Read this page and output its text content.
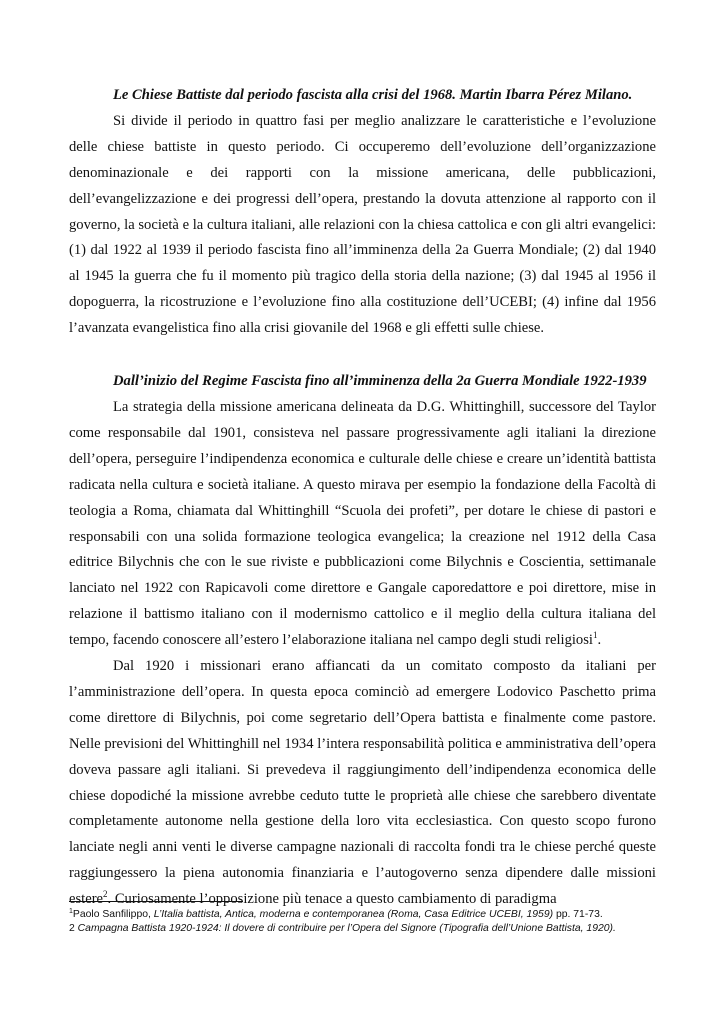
Le Chiese Battiste dal periodo fascista alla crisi del 1968. Martin Ibarra Pérez Milano.

Si divide il periodo in quattro fasi per meglio analizzare le caratteristiche e l’evoluzione delle chiese battiste in questo periodo. Ci occuperemo dell’evoluzione dell’organizzazione denominazionale e dei rapporti con la missione americana, delle pubblicazioni, dell’evangelizzazione e dei progressi dell’opera, prestando la dovuta attenzione al rapporto con il governo, la società e la cultura italiani, alle relazioni con la chiesa cattolica e con gli altri evangelici: (1) dal 1922 al 1939 il periodo fascista fino all’imminenza della 2a Guerra Mondiale; (2) dal 1940 al 1945 la guerra che fu il momento più tragico della storia della nazione; (3) dal 1945 al 1956 il dopoguerra, la ricostruzione e l’evoluzione fino alla costituzione dell’UCEBI; (4) infine dal 1956 l’avanzata evangelistica fino alla crisi giovanile del 1968 e gli effetti sulle chiese.

Dall’inizio del Regime Fascista fino all’imminenza della 2a Guerra Mondiale 1922-1939

La strategia della missione americana delineata da D.G. Whittinghill, successore del Taylor come responsabile dal 1901, consisteva nel passare progressivamente agli italiani la direzione dell’opera, perseguire l’indipendenza economica e culturale delle chiese e creare un’identità battista radicata nella cultura e società italiane. A questo mirava per esempio la fondazione della Facoltà di teologia a Roma, chiamata dal Whittinghill “Scuola dei profeti”, per dotare le chiese di pastori e responsabili con una solida formazione teologica evangelica; la creazione nel 1912 della Casa editrice Bilychnis che con le sue riviste e pubblicazioni come Bilychnis e Coscientia, settimanale lanciato nel 1922 con Rapicavoli come direttore e Gangale caporedattore e poi direttore, mise in relazione il battismo italiano con il modernismo cattolico e il meglio della cultura italiana del tempo, facendo conoscere all’estero l’elaborazione italiana nel campo degli studi religiosi$^1$.

Dal 1920 i missionari erano affiancati da un comitato composto da italiani per l’amministrazione dell’opera. In questa epoca cominciò ad emergere Lodovico Paschetto prima come direttore di Bilychnis, poi come segretario dell’Opera battista e finalmente come pastore. Nelle previsioni del Whittinghill nel 1934 l’intera responsabilità politica e amministrativa dell’opera doveva passare agli italiani. Si prevedeva il raggiungimento dell’indipendenza economica delle chiese dopodiché la missione avrebbe ceduto tutte le proprietà alle chiese che sarebbero diventate completamente autonome nella gestione della loro vita ecclesiastica. Con questo scopo furono lanciate negli anni venti le diverse campagne nazionali di raccolta fondi tra le chiese perché queste raggiungessero la piena autonomia finanziaria e l’autogoverno senza dipendere dalle missioni estere$^2$. Curiosamente l’opposizione più tenace a questo cambiamento di paradigma

$^1$Paolo Sanfilippo, L’Italia battista, Antica, moderna e contemporanea (Roma, Casa Editrice UCEBI, 1959) pp. 71-73.

2 Campagna Battista 1920-1924: Il dovere di contribuire per l’Opera del Signore (Tipografia dell’Unione Battista, 1920).
